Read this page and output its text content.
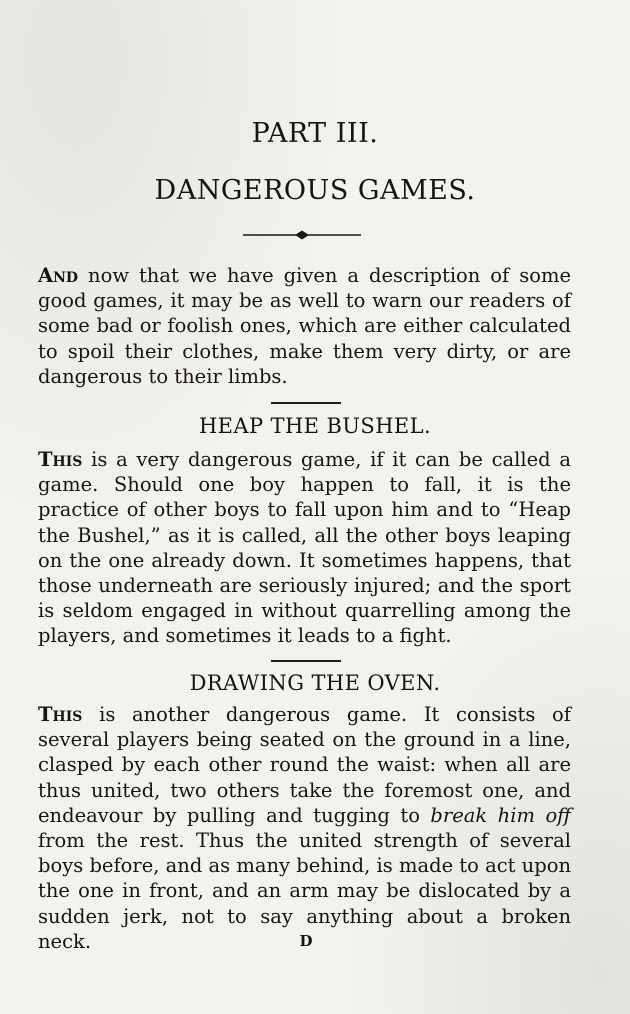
PART III.
DANGEROUS GAMES.
And now that we have given a description of some good games, it may be as well to warn our readers of some bad or foolish ones, which are either calculated to spoil their clothes, make them very dirty, or are dangerous to their limbs.
HEAP THE BUSHEL.
This is a very dangerous game, if it can be called a game. Should one boy happen to fall, it is the practice of other boys to fall upon him and to “Heap the Bushel,” as it is called, all the other boys leaping on the one already down. It sometimes happens, that those underneath are seriously injured; and the sport is seldom engaged in without quarrelling among the players, and sometimes it leads to a fight.
DRAWING THE OVEN.
This is another dangerous game. It consists of several players being seated on the ground in a line, clasped by each other round the waist: when all are thus united, two others take the foremost one, and endeavour by pulling and tugging to break him off from the rest. Thus the united strength of several boys before, and as many behind, is made to act upon the one in front, and an arm may be dislocated by a sudden jerk, not to say anything about a broken neck.	D
